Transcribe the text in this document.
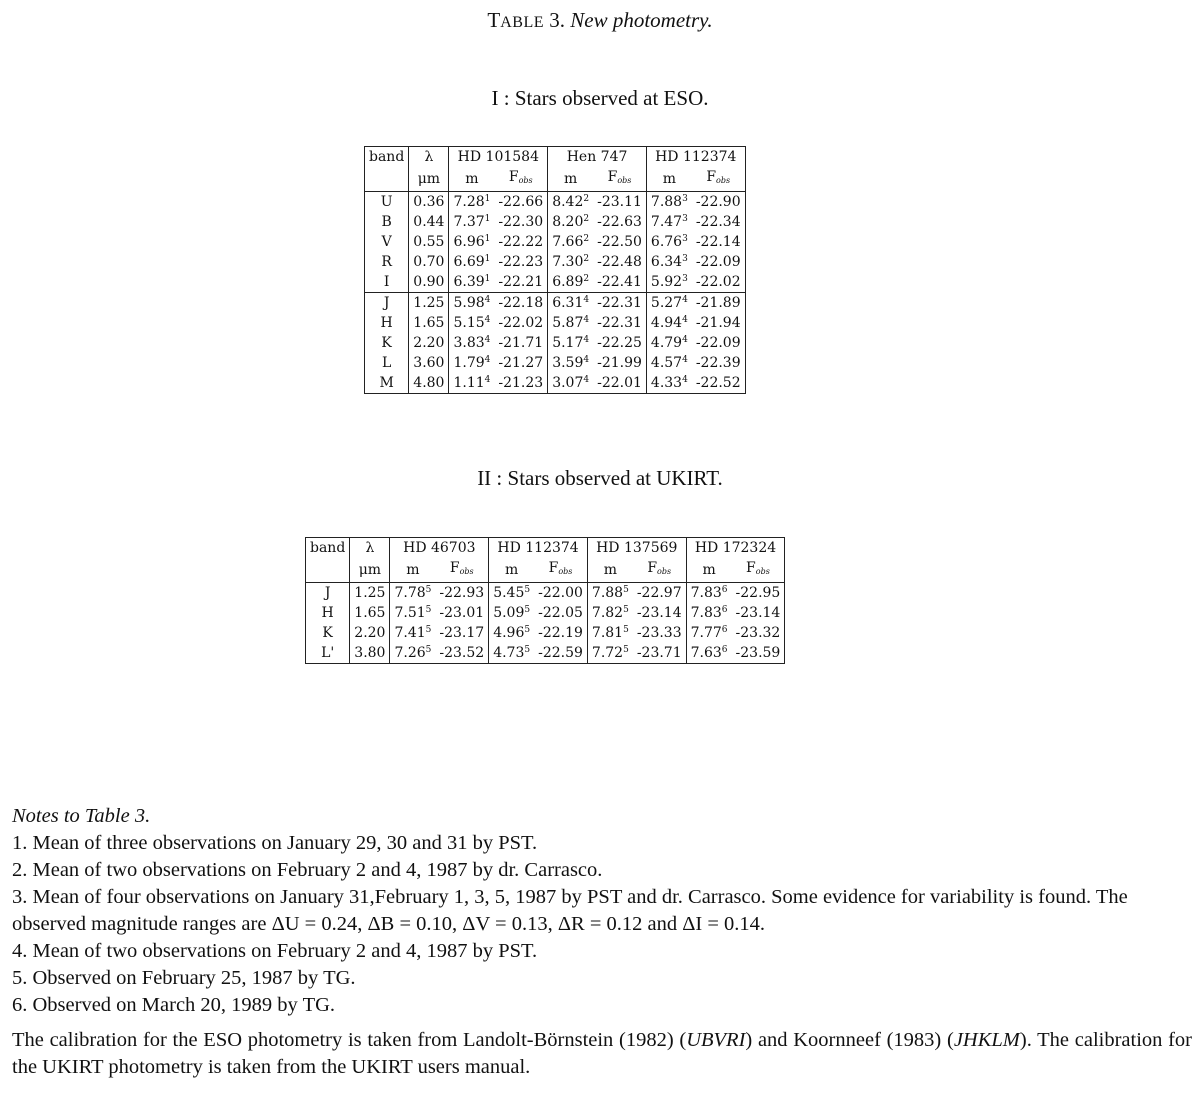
TABLE 3. New photometry.
I : Stars observed at ESO.
band	λ	HD 101584		Hen 747		HD 112374	
	μm	m	Fobs	m	Fobs	m	Fobs
U	0.36	7.28$^1$	-22.66	8.42$^2$	-23.11	7.88$^3$	-22.90
B	0.44	7.37$^1$	-22.30	8.20$^2$	-22.63	7.47$^3$	-22.34
V	0.55	6.96$^1$	-22.22	7.66$^2$	-22.50	6.76$^3$	-22.14
R	0.70	6.69$^1$	-22.23	7.30$^2$	-22.48	6.34$^3$	-22.09
I	0.90	6.39$^1$	-22.21	6.89$^2$	-22.41	5.92$^3$	-22.02
J	1.25	5.98$^4$	-22.18	6.31$^4$	-22.31	5.27$^4$	-21.89
H	1.65	5.15$^4$	-22.02	5.87$^4$	-22.31	4.94$^4$	-21.94
K	2.20	3.83$^4$	-21.71	5.17$^4$	-22.25	4.79$^4$	-22.09
L	3.60	1.79$^4$	-21.27	3.59$^4$	-21.99	4.57$^4$	-22.39
M	4.80	1.11$^4$	-21.23	3.07$^4$	-22.01	4.33$^4$	-22.52
II : Stars observed at UKIRT.
band	λ	HD 46703		HD 112374		HD 137569		HD 172324	
	μm	m	Fobs	m	Fobs	m	Fobs	m	Fobs
J	1.25	7.78$^5$	-22.93	5.45$^5$	-22.00	7.88$^5$	-22.97	7.83$^6$	-22.95
H	1.65	7.51$^5$	-23.01	5.09$^5$	-22.05	7.82$^5$	-23.14	7.83$^6$	-23.14
K	2.20	7.41$^5$	-23.17	4.96$^5$	-22.19	7.81$^5$	-23.33	7.77$^6$	-23.32
L'	3.80	7.26$^5$	-23.52	4.73$^5$	-22.59	7.72$^5$	-23.71	7.63$^6$	-23.59

Notes to Table 3.

1. Mean of three observations on January 29, 30 and 31 by PST.

2. Mean of two observations on February 2 and 4, 1987 by dr. Carrasco.

3. Mean of four observations on January 31,February 1, 3, 5, 1987 by PST and dr. Carrasco. Some evidence for variability is found. The observed magnitude ranges are ΔU = 0.24, ΔB = 0.10, ΔV = 0.13, ΔR = 0.12 and ΔI = 0.14.

4. Mean of two observations on February 2 and 4, 1987 by PST.

5. Observed on February 25, 1987 by TG.

6. Observed on March 20, 1989 by TG.

The calibration for the ESO photometry is taken from Landolt-Börnstein (1982) (UBVRI) and Koornneef (1983) (JHKLM). The calibration for the UKIRT photometry is taken from the UKIRT users manual.
